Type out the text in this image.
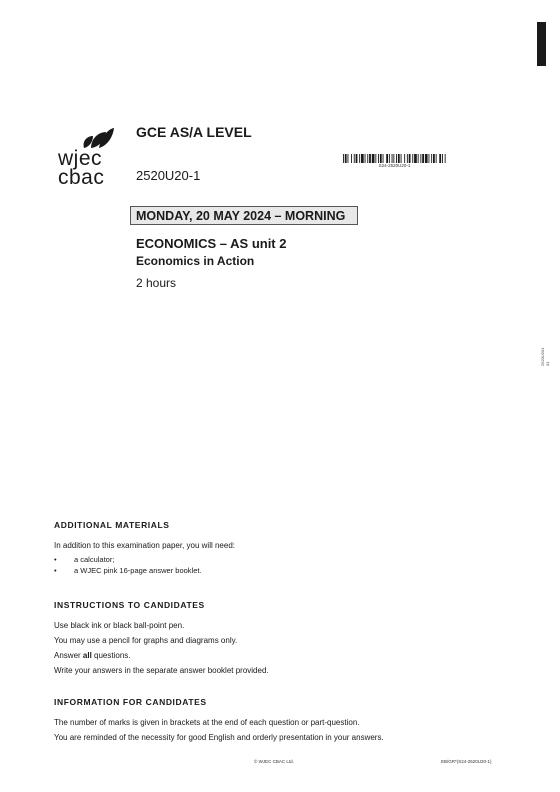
wjec
cbac
GCE AS/A LEVEL
2520U20-1
S24-2520U20-1
MONDAY, 20 MAY 2024 – MORNING
ECONOMICS – AS unit 2
Economics in Action
2 hours
2520U201 01
ADDITIONAL MATERIALS

In addition to this examination paper, you will need:

• a calculator;
• a WJEC pink 16-page answer booklet.
INSTRUCTIONS TO CANDIDATES

Use black ink or black ball-point pen.

You may use a pencil for graphs and diagrams only.

Answer all questions.

Write your answers in the separate answer booklet provided.

INFORMATION FOR CANDIDATES

The number of marks is given in brackets at the end of each question or part-question.

You are reminded of the necessity for good English and orderly presentation in your answers.

© WJEC CBAC Ltd.	EB/GR*(S24-2520U20-1)
